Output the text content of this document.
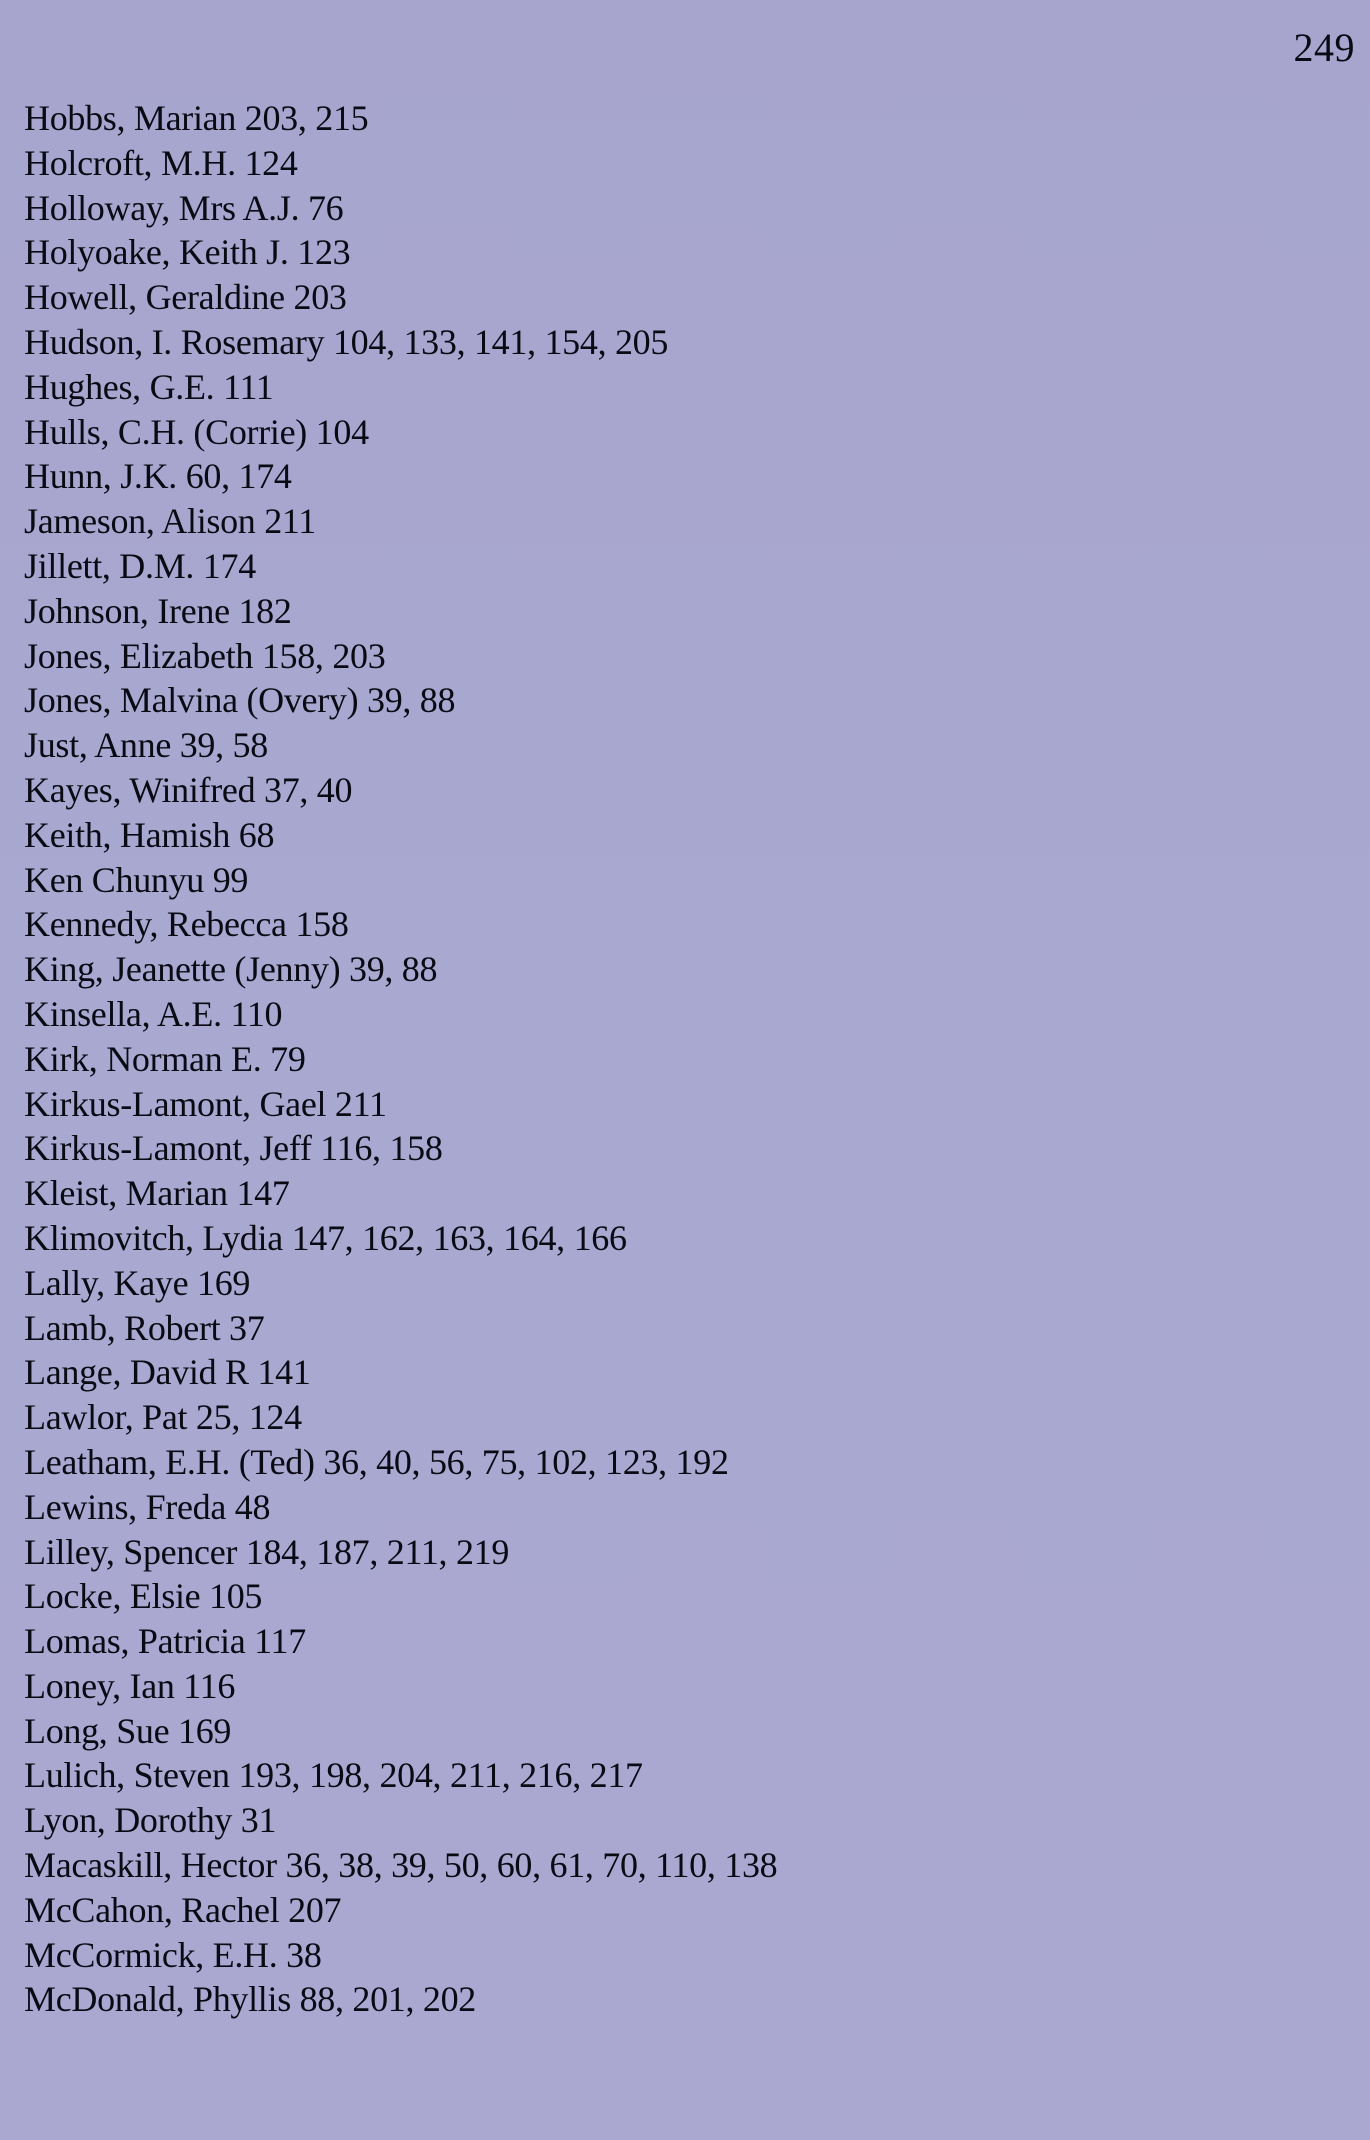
249
Hobbs, Marian 203, 215
Holcroft, M.H. 124
Holloway, Mrs A.J. 76
Holyoake, Keith J. 123
Howell, Geraldine 203
Hudson, I. Rosemary 104, 133, 141, 154, 205
Hughes, G.E. 111
Hulls, C.H. (Corrie) 104
Hunn, J.K. 60, 174
Jameson, Alison 211
Jillett, D.M. 174
Johnson, Irene 182
Jones, Elizabeth 158, 203
Jones, Malvina (Overy) 39, 88
Just, Anne 39, 58
Kayes, Winifred 37, 40
Keith, Hamish 68
Ken Chunyu 99
Kennedy, Rebecca 158
King, Jeanette (Jenny) 39, 88
Kinsella, A.E. 110
Kirk, Norman E. 79
Kirkus-Lamont, Gael 211
Kirkus-Lamont, Jeff 116, 158
Kleist, Marian 147
Klimovitch, Lydia 147, 162, 163, 164, 166
Lally, Kaye 169
Lamb, Robert 37
Lange, David R 141
Lawlor, Pat 25, 124
Leatham, E.H. (Ted) 36, 40, 56, 75, 102, 123, 192
Lewins, Freda 48
Lilley, Spencer 184, 187, 211, 219
Locke, Elsie 105
Lomas, Patricia 117
Loney, Ian 116
Long, Sue 169
Lulich, Steven 193, 198, 204, 211, 216, 217
Lyon, Dorothy 31
Macaskill, Hector 36, 38, 39, 50, 60, 61, 70, 110, 138
McCahon, Rachel 207
McCormick, E.H. 38
McDonald, Phyllis 88, 201, 202
